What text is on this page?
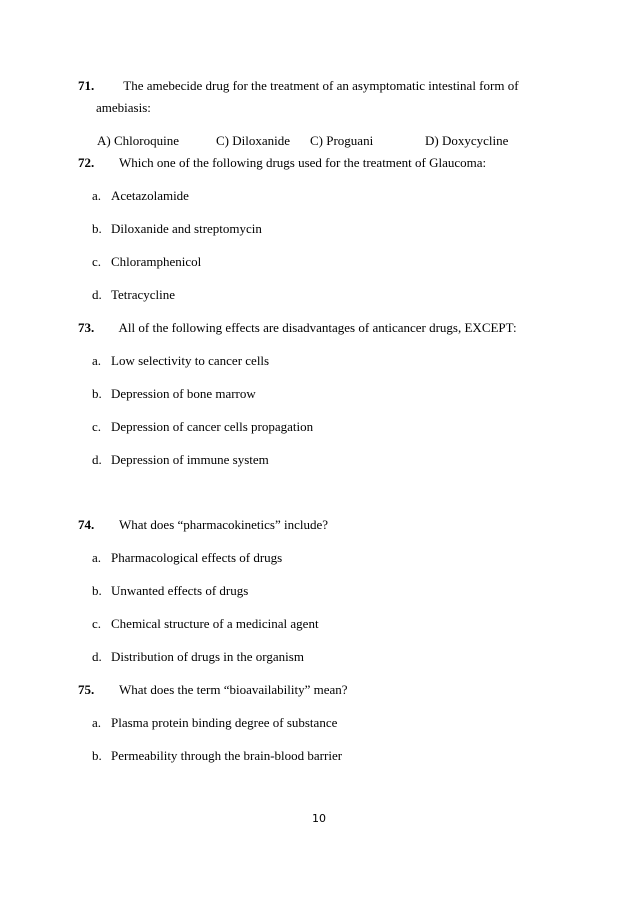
71. The amebecide drug for the treatment of an asymptomatic intestinal form of
amebiasis:
A) Chloroquine	C) Diloxanide C) Proguani	D) Doxycycline
72. Which one of the following drugs used for the treatment of Glaucoma:
a. Acetazolamide
b. Diloxanide and streptomycin
c. Chloramphenicol
d. Tetracycline
73. All of the following effects are disadvantages of anticancer drugs, EXCEPT:
a. Low selectivity to cancer cells
b. Depression of bone marrow
c. Depression of cancer cells propagation
d. Depression of immune system
74. What does “pharmacokinetics” include?
a. Pharmacological effects of drugs
b. Unwanted effects of drugs
c. Chemical structure of a medicinal agent
d. Distribution of drugs in the organism
75. What does the term “bioavailability” mean?
a. Plasma protein binding degree of substance
b. Permeability through the brain-blood barrier
10
